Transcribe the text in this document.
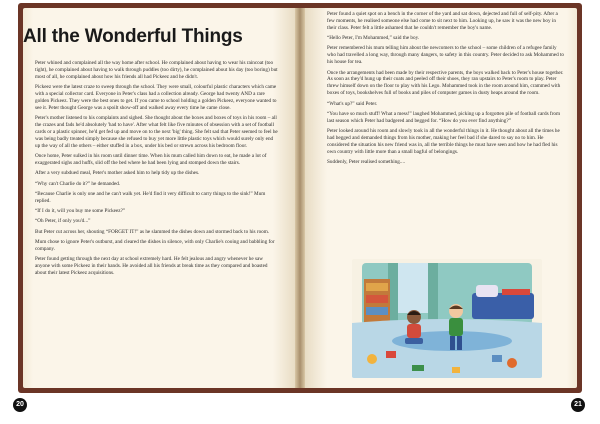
Peter whined and complained all the way home after school. He complained about having to wear his raincoat (too tight), he complained about having to walk through puddles (too dirty), he complained about his day (too boring) but most of all, he complained about how his friends all had Pickeez and he didn't.

Pickeez were the latest craze to sweep through the school. They were small, colourful plastic characters which came with a special collector card. Everyone in Peter's class had a collection already. George had twenty AND a rare golden Pickeez. They were the best ones to get. If you came to school holding a golden Pickeez, everyone wanted to see it. Peter thought George was a spoilt show-off and walked away every time he came close.

Peter's mother listened to his complaints and sighed. She thought about the boxes and boxes of toys in his room – all the crazes and fads he'd absolutely 'had to have'. After what felt like five minutes of obsession with a set of football cards or a plastic spinner, he'd get fed up and move on to the next 'big' thing. She felt sad that Peter seemed to feel he was being badly treated simply because she refused to buy yet more little plastic toys which would surely only end up the way of all the others – either stuffed in a box, under his bed or strewn across his bedroom floor.

Once home, Peter sulked in his room until dinner time. When his mum called him down to eat, he made a lot of exaggerated sighs and huffs, slid off the bed where he had been lying and stomped down the stairs.

After a very subdued meal, Peter's mother asked him to help tidy up the dishes.

“Why can't Charlie do it?” he demanded.

“Because Charlie is only one and he can't walk yet. He'd find it very difficult to carry things to the sink!” Mum replied.

“If I do it, will you buy me some Pickeez?”

“Oh Peter, if only you'd...”

But Peter cut across her, shouting “FORGET IT!” as he slammed the dishes down and stormed back to his room.

Mum chose to ignore Peter's outburst, and cleared the dishes in silence, with only Charlie's cooing and babbling for company.

Peter found getting through the next day at school extremely hard. He felt jealous and angry whenever he saw anyone with some Pickeez in their hands. He avoided all his friends at break time as they compared and boasted about their latest Pickeez acquisitions.

All the Wonderful Things

Peter found a quiet spot on a bench in the corner of the yard and sat down, dejected and full of self-pity. After a few moments, he realised someone else had come to sit next to him. Looking up, he saw it was the new boy in their class. Peter felt a little ashamed that he couldn't remember the boy's name.

“Hello Peter, I'm Mohammed,” said the boy.

Peter remembered his mum telling him about the newcomers to the school – some children of a refugee family who had travelled a long way, through many dangers, to safety in this country. Peter decided to ask Mohammed to his house for tea.

Once the arrangements had been made by their respective parents, the boys walked back to Peter's house together. As soon as they'd hung up their coats and peeled off their shoes, they ran upstairs to Peter's room to play. Peter threw himself down on the floor to play with his Lego. Mohammed took in the room around him, crammed with boxes of toys, bookshelves full of books and piles of computer games in dusty heaps around the room.

“What's up?” said Peter.

“You have so much stuff! What a mess!” laughed Mohammed, picking up a forgotten pile of football cards from last season which Peter had badgered and begged for. “How do you ever find anything?”

Peter looked around his room and slowly took in all the wonderful things in it. He thought about all the times he had begged and demanded things from his mother, making her feel bad if she dared to say no to him. He considered the situation his new friend was in, all the terrible things he must have seen and how he had fled his own country with little more than a small bagful of belongings.

Suddenly, Peter realised something....

20	21
